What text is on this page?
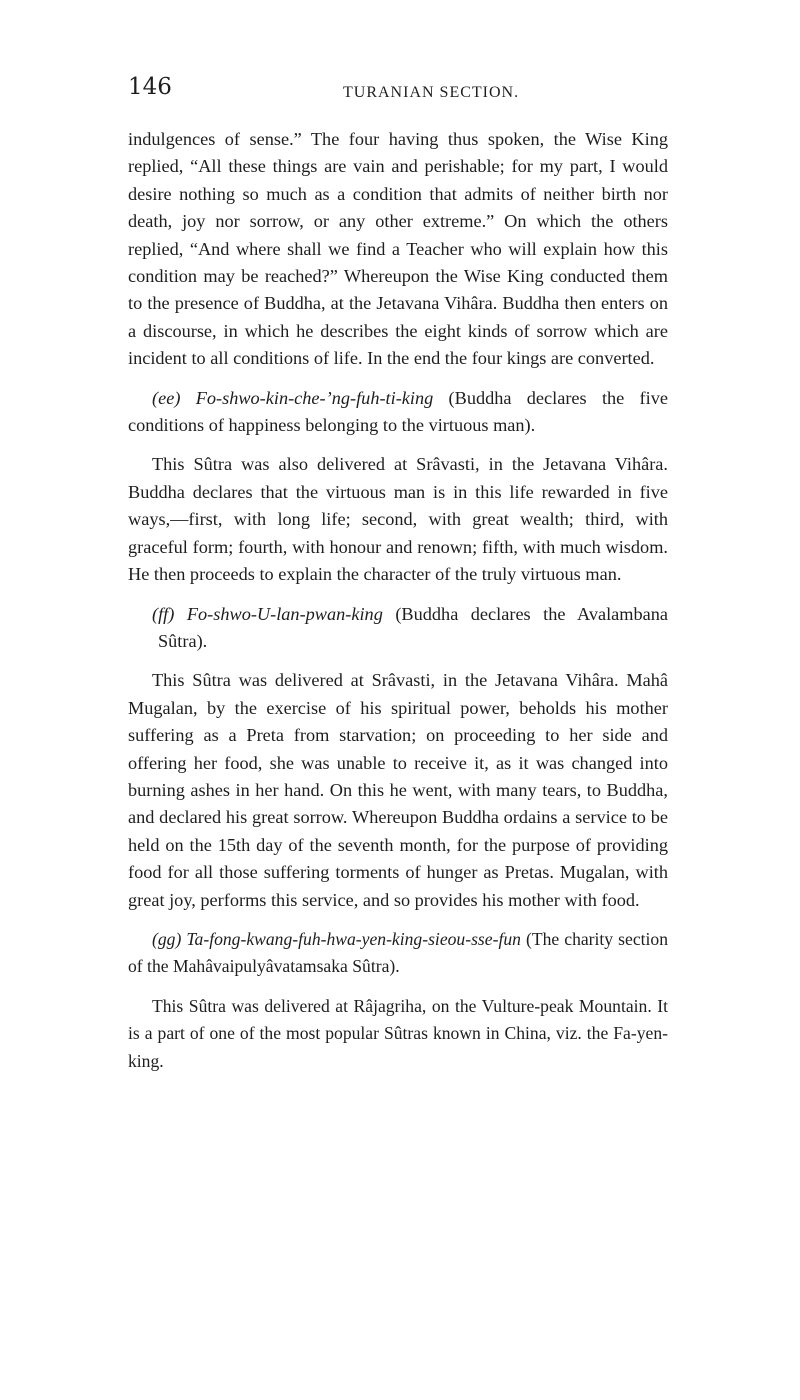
146	TURANIAN SECTION.

indulgences of sense.” The four having thus spoken, the Wise King replied, “All these things are vain and perishable; for my part, I would desire nothing so much as a condition that admits of neither birth nor death, joy nor sorrow, or any other extreme.” On which the others replied, “And where shall we find a Teacher who will explain how this condition may be reached?” Whereupon the Wise King conducted them to the presence of Buddha, at the Jetavana Vihâra. Buddha then enters on a discourse, in which he describes the eight kinds of sorrow which are incident to all conditions of life. In the end the four kings are converted.

(ee) Fo-shwo-kin-che-’ng-fuh-ti-king (Buddha declares the five conditions of happiness belonging to the virtuous man).

This Sûtra was also delivered at Srâvasti, in the Jetavana Vihâra. Buddha declares that the virtuous man is in this life rewarded in five ways,—first, with long life; second, with great wealth; third, with graceful form; fourth, with honour and renown; fifth, with much wisdom. He then proceeds to explain the character of the truly virtuous man.

(ff) Fo-shwo-U-lan-pwan-king (Buddha declares the Avalambana Sûtra).

This Sûtra was delivered at Srâvasti, in the Jetavana Vihâra. Mahâ Mugalan, by the exercise of his spiritual power, beholds his mother suffering as a Preta from starvation; on proceeding to her side and offering her food, she was unable to receive it, as it was changed into burning ashes in her hand. On this he went, with many tears, to Buddha, and declared his great sorrow. Whereupon Buddha ordains a service to be held on the 15th day of the seventh month, for the purpose of providing food for all those suffering torments of hunger as Pretas. Mugalan, with great joy, performs this service, and so provides his mother with food.

(gg) Ta-fong-kwang-fuh-hwa-yen-king-sieou-sse-fun (The charity section of the Mahâvaipulyâvatamsaka Sûtra).

This Sûtra was delivered at Râjagriha, on the Vulture-peak Mountain. It is a part of one of the most popular Sûtras known in China, viz. the Fa-yen-king.
